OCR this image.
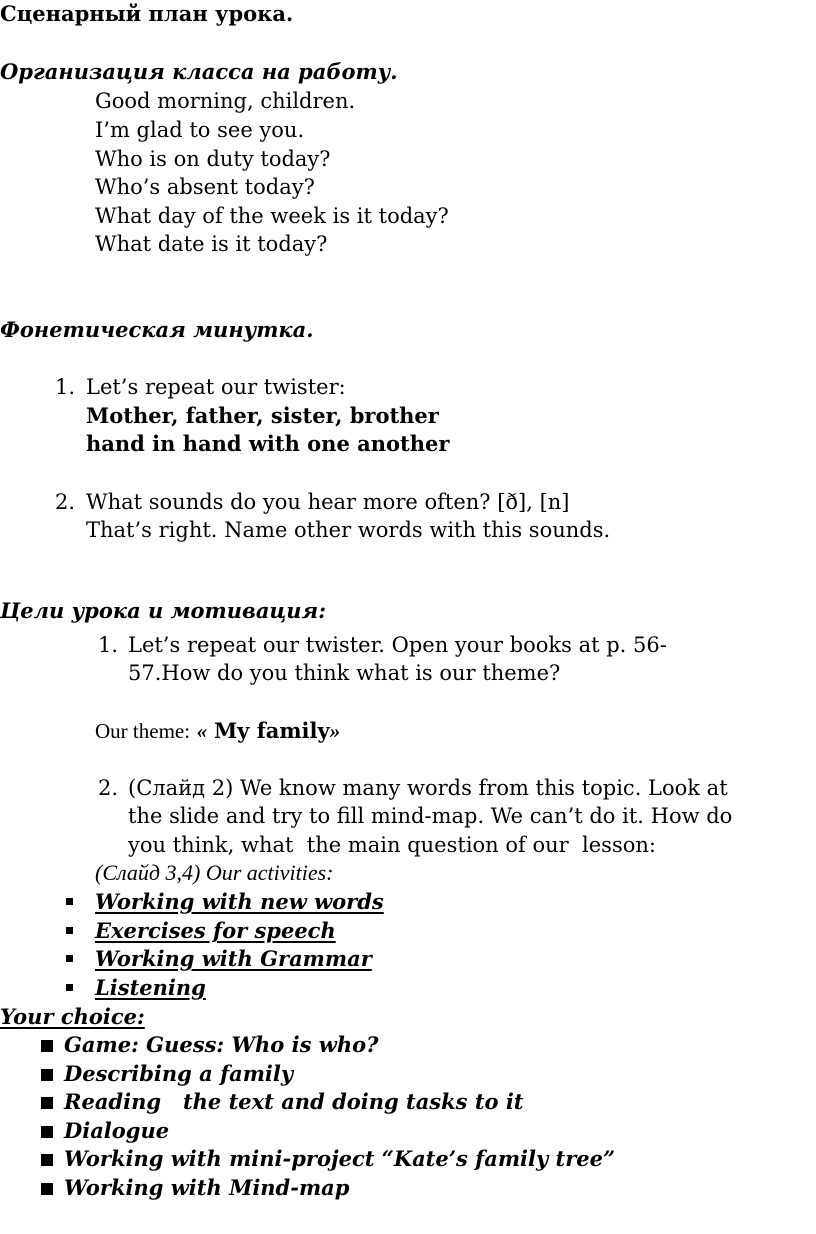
Сценарный план урока.
Организация класса на работу.
Good morning, children.
I’m glad to see you.
Who is on duty today?
Who’s absent today?
What day of the week is it today?
What date is it today?
Фонетическая минутка.
1. Let’s repeat our twister:
Mother, father, sister, brother
hand in hand with one another
2. What sounds do you hear more often? [ð], [n]
That’s right. Name other words with this sounds.
Цели урока и мотивация:
1. Let’s repeat our twister. Open your books at p. 56-
57.How do you think what is our theme?
Our theme: « My family»
2. (Слайд 2) We know many words from this topic. Look at
the slide and try to fill mind-map. We can’t do it. How do
you think, what  the main question of our  lesson:
(Слайд 3,4) Our activities:
Working with new words
Exercises for speech
Working with Grammar
Listening
Your choice:
Game: Guess: Who is who?
Describing a family
Reading   the text and doing tasks to it
Dialogue
Working with mini-project “Kate’s family tree”
Working with Mind-map
